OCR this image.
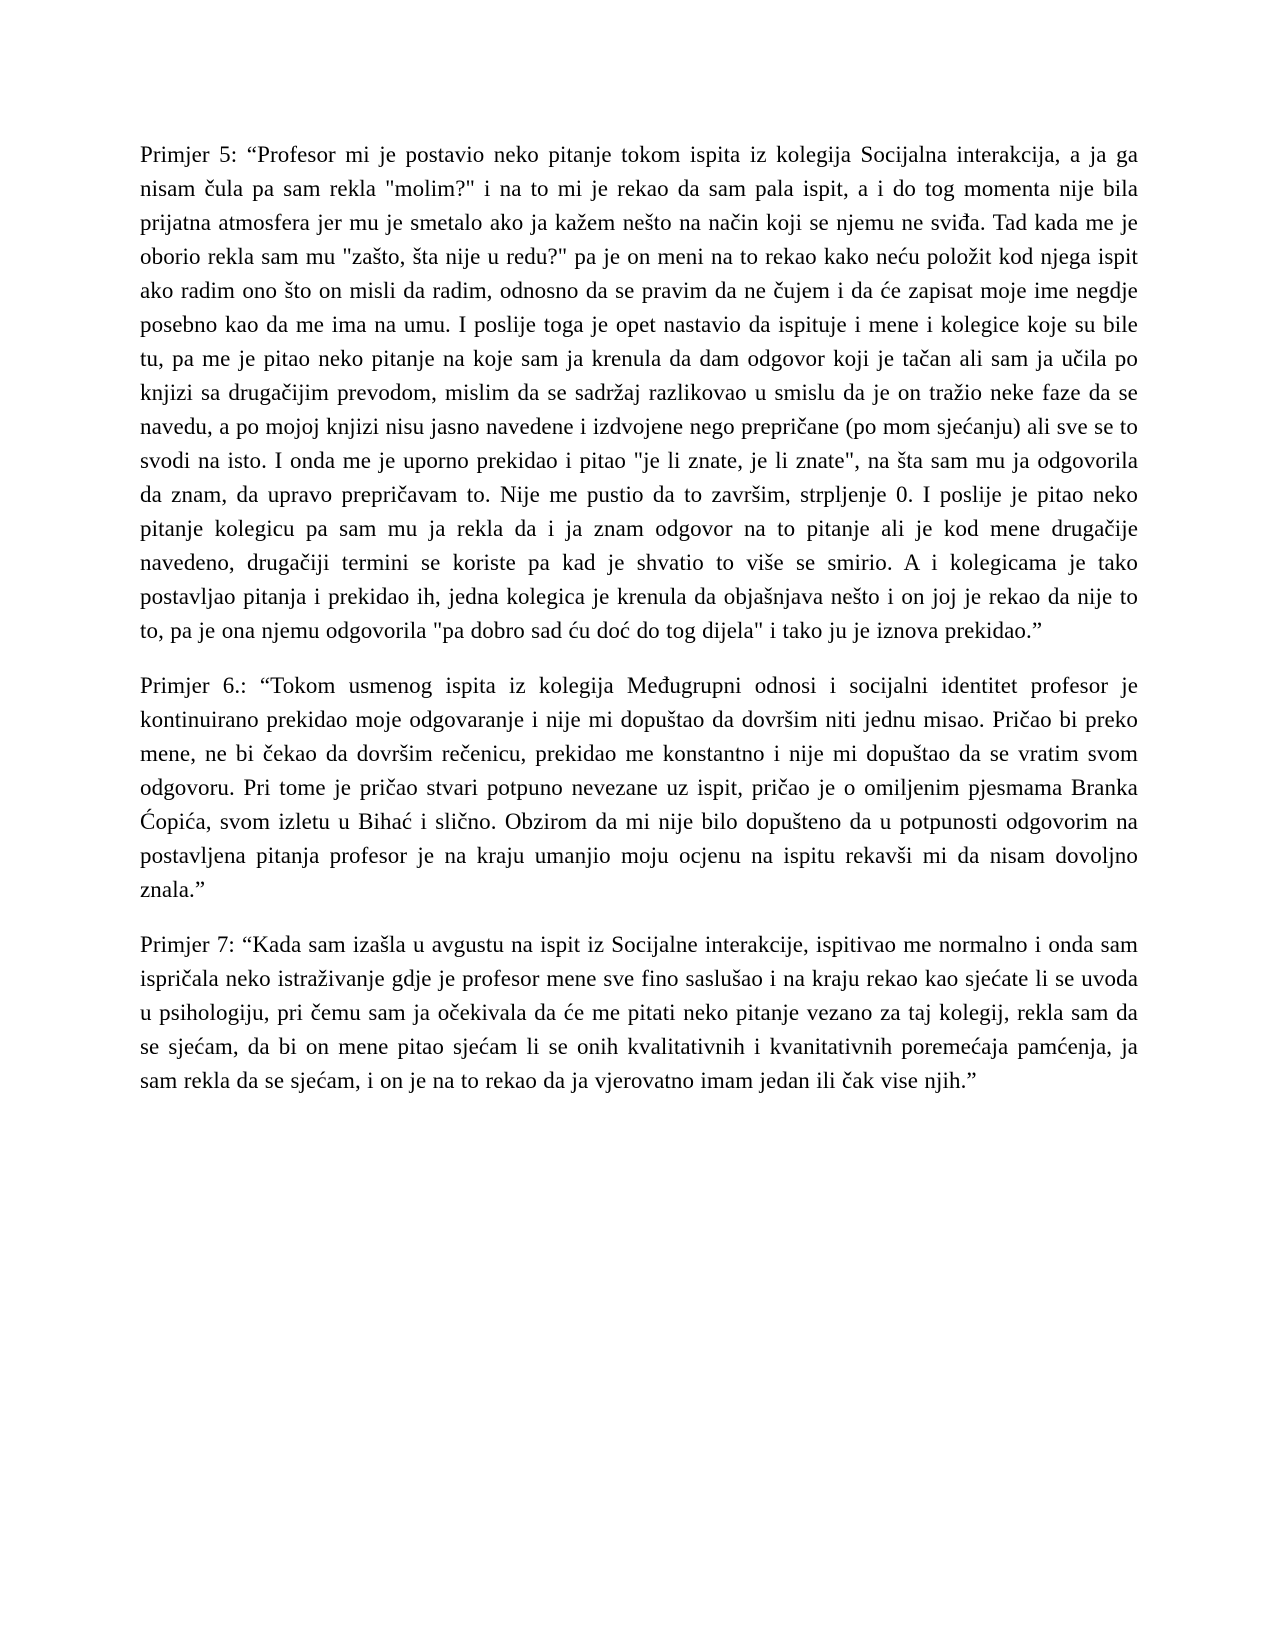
Primjer 5: “Profesor mi je postavio neko pitanje tokom ispita iz kolegija Socijalna interakcija, a ja ga nisam čula pa sam rekla "molim?" i na to mi je rekao da sam pala ispit, a i do tog momenta nije bila prijatna atmosfera jer mu je smetalo ako ja kažem nešto na način koji se njemu ne sviđa. Tad kada me je oborio rekla sam mu "zašto, šta nije u redu?" pa je on meni na to rekao kako neću položit kod njega ispit ako radim ono što on misli da radim, odnosno da se pravim da ne čujem i da će zapisat moje ime negdje posebno kao da me ima na umu. I poslije toga je opet nastavio da ispituje i mene i kolegice koje su bile tu, pa me je pitao neko pitanje na koje sam ja krenula da dam odgovor koji je tačan ali sam ja učila po knjizi sa drugačijim prevodom, mislim da se sadržaj razlikovao u smislu da je on tražio neke faze da se navedu, a po mojoj knjizi nisu jasno navedene i izdvojene nego prepričane (po mom sjećanju) ali sve se to svodi na isto. I onda me je uporno prekidao i pitao "je li znate, je li znate", na šta sam mu ja odgovorila da znam, da upravo prepričavam to. Nije me pustio da to završim, strpljenje 0. I poslije je pitao neko pitanje kolegicu pa sam mu ja rekla da i ja znam odgovor na to pitanje ali je kod mene drugačije navedeno, drugačiji termini se koriste pa kad je shvatio to više se smirio. A i kolegicama je tako postavljao pitanja i prekidao ih, jedna kolegica je krenula da objašnjava nešto i on joj je rekao da nije to to, pa je ona njemu odgovorila "pa dobro sad ću doć do tog dijela" i tako ju je iznova prekidao.”

Primjer 6.: “Tokom usmenog ispita iz kolegija Međugrupni odnosi i socijalni identitet profesor je kontinuirano prekidao moje odgovaranje i nije mi dopuštao da dovršim niti jednu misao. Pričao bi preko mene, ne bi čekao da dovršim rečenicu, prekidao me konstantno i nije mi dopuštao da se vratim svom odgovoru. Pri tome je pričao stvari potpuno nevezane uz ispit, pričao je o omiljenim pjesmama Branka Ćopića, svom izletu u Bihać i slično. Obzirom da mi nije bilo dopušteno da u potpunosti odgovorim na postavljena pitanja profesor je na kraju umanjio moju ocjenu na ispitu rekavši mi da nisam dovoljno znala.”

Primjer 7: “Kada sam izašla u avgustu na ispit iz Socijalne interakcije, ispitivao me normalno i onda sam ispričala neko istraživanje gdje je profesor mene sve fino saslušao i na kraju rekao kao sjećate li se uvoda u psihologiju, pri čemu sam ja očekivala da će me pitati neko pitanje vezano za taj kolegij, rekla sam da se sjećam, da bi on mene pitao sjećam li se onih kvalitativnih i kvanitativnih poremećaja pamćenja, ja sam rekla da se sjećam, i on je na to rekao da ja vjerovatno imam jedan ili čak vise njih.”
